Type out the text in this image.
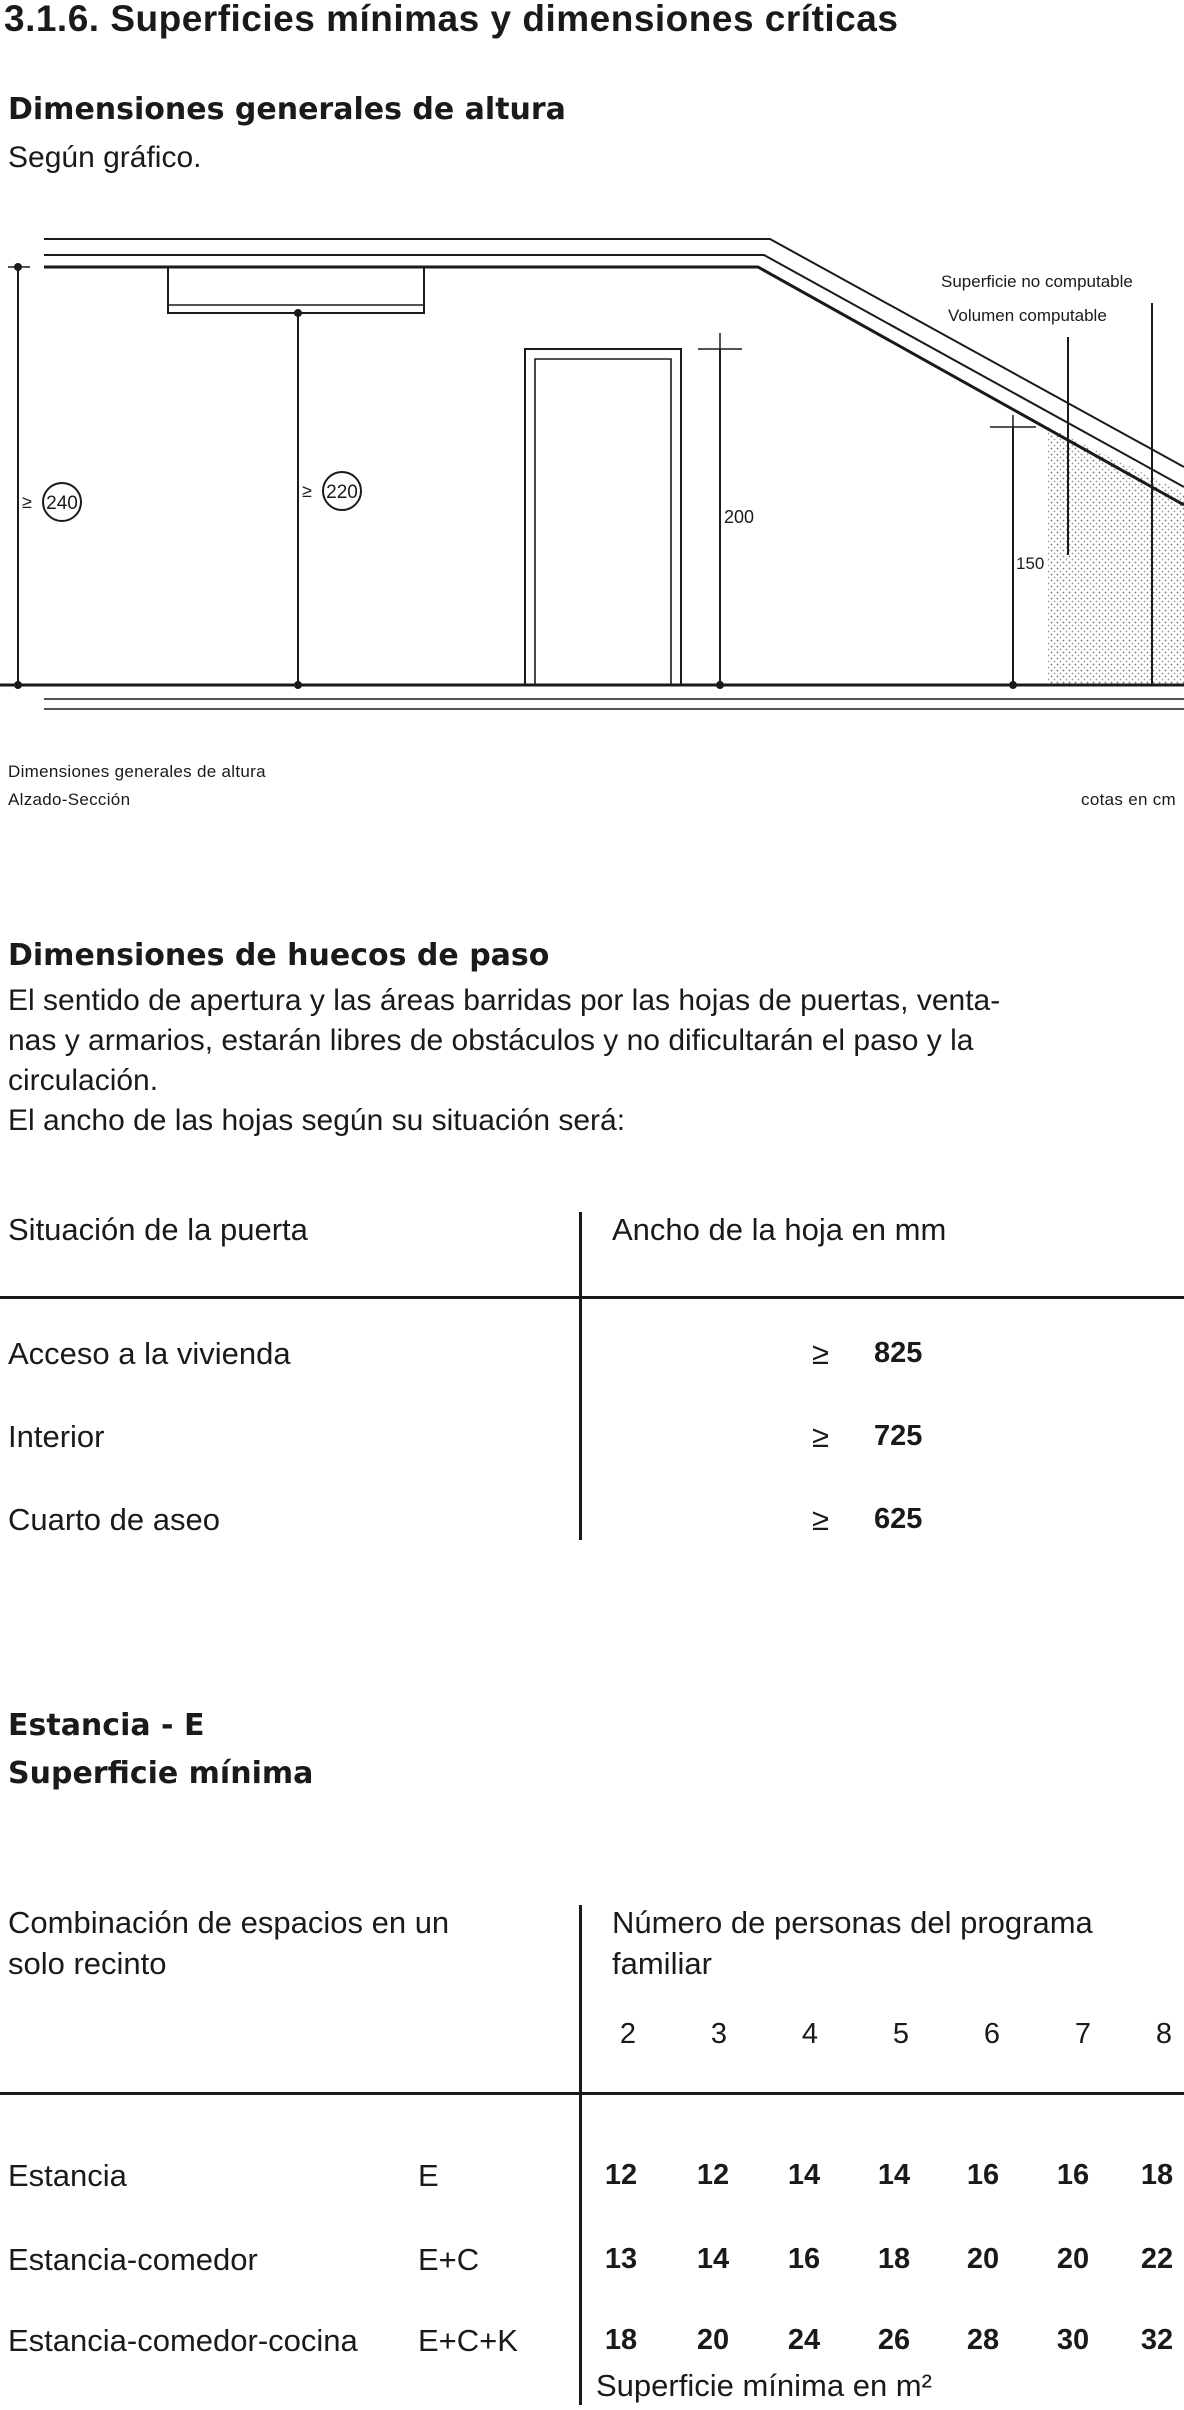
3.1.6. Superficies mínimas y dimensiones críticas
Dimensiones generales de altura
Según gráfico.
≥ 240
≥ 220
200
150
Superficie no computable
Volumen computable
Dimensiones generales de altura
Alzado-Sección	cotas en cm
Dimensiones de huecos de paso
El sentido de apertura y las áreas barridas por las hojas de puertas, venta-
nas y armarios, estarán libres de obstáculos y no dificultarán el paso y la
circulación.
El ancho de las hojas según su situación será:
Situación de la puerta	Ancho de la hoja en mm
Acceso a la vivienda	≥ 825
Interior	≥ 725
Cuarto de aseo	≥ 625
Estancia - E
Superficie mínima
Combinación de espacios en un
solo recinto
Número de personas del programa
familiar
2	3	4	5	6	7 8
Estancia	E	12 12 14 14 16 16 18
Estancia-comedor	E+C	13 14 16 18 20 20 22
Estancia-comedor-cocina E+C+K	18 20 24 26 28 30 32
Superficie mínima en m²
